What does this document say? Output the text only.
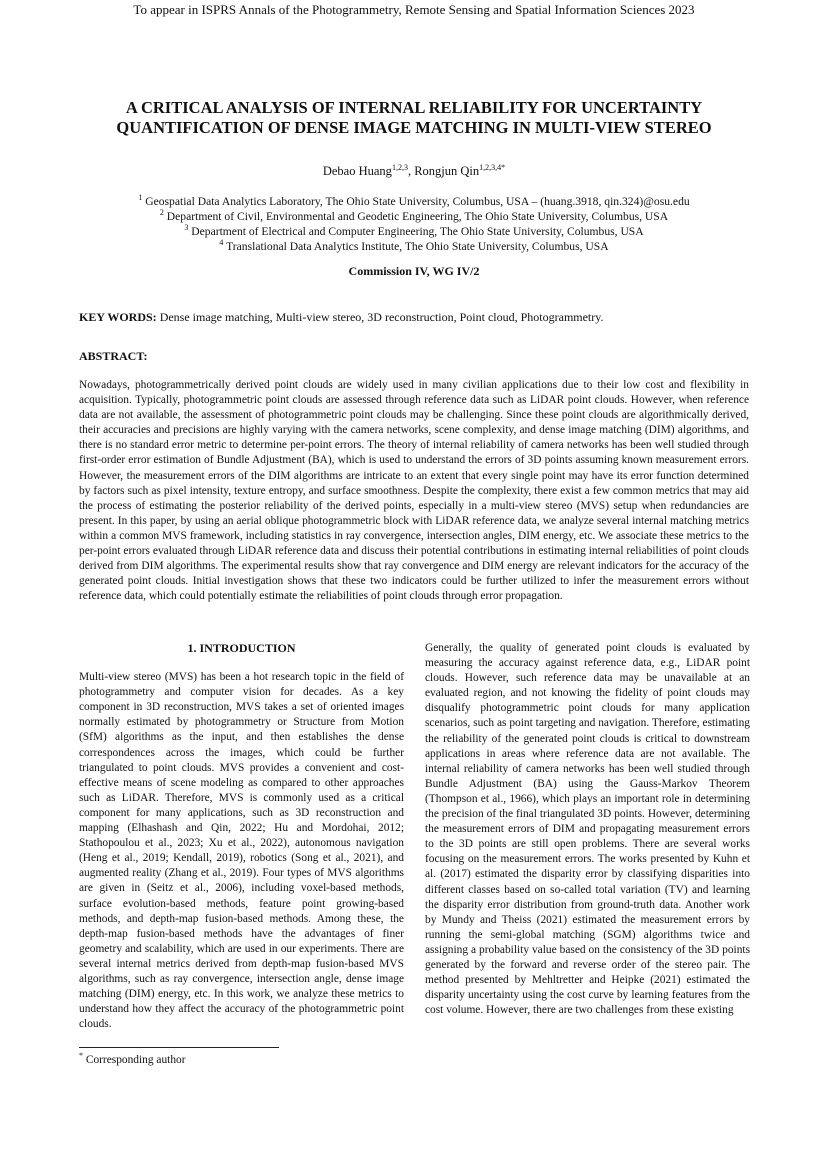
To appear in ISPRS Annals of the Photogrammetry, Remote Sensing and Spatial Information Sciences 2023
A CRITICAL ANALYSIS OF INTERNAL RELIABILITY FOR UNCERTAINTY
QUANTIFICATION OF DENSE IMAGE MATCHING IN MULTI-VIEW STEREO
Debao Huang$^{1,2,3}$, Rongjun Qin$^{1,2,3,4*}$
$^1$ Geospatial Data Analytics Laboratory, The Ohio State University, Columbus, USA – (huang.3918, qin.324)@osu.edu
$^2$ Department of Civil, Environmental and Geodetic Engineering, The Ohio State University, Columbus, USA
$^3$ Department of Electrical and Computer Engineering, The Ohio State University, Columbus, USA
$^4$ Translational Data Analytics Institute, The Ohio State University, Columbus, USA
Commission IV, WG IV/2
KEY WORDS: Dense image matching, Multi-view stereo, 3D reconstruction, Point cloud, Photogrammetry.
ABSTRACT:
Nowadays, photogrammetrically derived point clouds are widely used in many civilian applications due to their low cost and flexibility in acquisition. Typically, photogrammetric point clouds are assessed through reference data such as LiDAR point clouds. However, when reference data are not available, the assessment of photogrammetric point clouds may be challenging. Since these point clouds are algorithmically derived, their accuracies and precisions are highly varying with the camera networks, scene complexity, and dense image matching (DIM) algorithms, and there is no standard error metric to determine per-point errors. The theory of internal reliability of camera networks has been well studied through first-order error estimation of Bundle Adjustment (BA), which is used to understand the errors of 3D points assuming known measurement errors. However, the measurement errors of the DIM algorithms are intricate to an extent that every single point may have its error function determined by factors such as pixel intensity, texture entropy, and surface smoothness. Despite the complexity, there exist a few common metrics that may aid the process of estimating the posterior reliability of the derived points, especially in a multi-view stereo (MVS) setup when redundancies are present. In this paper, by using an aerial oblique photogrammetric block with LiDAR reference data, we analyze several internal matching metrics within a common MVS framework, including statistics in ray convergence, intersection angles, DIM energy, etc. We associate these metrics to the per-point errors evaluated through LiDAR reference data and discuss their potential contributions in estimating internal reliabilities of point clouds derived from DIM algorithms. The experimental results show that ray convergence and DIM energy are relevant indicators for the accuracy of the generated point clouds. Initial investigation shows that these two indicators could be further utilized to infer the measurement errors without reference data, which could potentially estimate the reliabilities of point clouds through error propagation.
1. INTRODUCTION

Multi-view stereo (MVS) has been a hot research topic in the field of photogrammetry and computer vision for decades. As a key component in 3D reconstruction, MVS takes a set of oriented images normally estimated by photogrammetry or Structure from Motion (SfM) algorithms as the input, and then establishes the dense correspondences across the images, which could be further triangulated to point clouds. MVS provides a convenient and cost-effective means of scene modeling as compared to other approaches such as LiDAR. Therefore, MVS is commonly used as a critical component for many applications, such as 3D reconstruction and mapping (Elhashash and Qin, 2022; Hu and Mordohai, 2012; Stathopoulou et al., 2023; Xu et al., 2022), autonomous navigation (Heng et al., 2019; Kendall, 2019), robotics (Song et al., 2021), and augmented reality (Zhang et al., 2019). Four types of MVS algorithms are given in (Seitz et al., 2006), including voxel-based methods, surface evolution-based methods, feature point growing-based methods, and depth-map fusion-based methods. Among these, the depth-map fusion-based methods have the advantages of finer geometry and scalability, which are used in our experiments. There are several internal metrics derived from depth-map fusion-based MVS algorithms, such as ray convergence, intersection angle, dense image matching (DIM) energy, etc. In this work, we analyze these metrics to understand how they affect the accuracy of the photogrammetric point clouds.

Generally, the quality of generated point clouds is evaluated by measuring the accuracy against reference data, e.g., LiDAR point clouds. However, such reference data may be unavailable at an evaluated region, and not knowing the fidelity of point clouds may disqualify photogrammetric point clouds for many application scenarios, such as point targeting and navigation. Therefore, estimating the reliability of the generated point clouds is critical to downstream applications in areas where reference data are not available. The internal reliability of camera networks has been well studied through Bundle Adjustment (BA) using the Gauss-Markov Theorem (Thompson et al., 1966), which plays an important role in determining the precision of the final triangulated 3D points. However, determining the measurement errors of DIM and propagating measurement errors to the 3D points are still open problems. There are several works focusing on the measurement errors. The works presented by Kuhn et al. (2017) estimated the disparity error by classifying disparities into different classes based on so-called total variation (TV) and learning the disparity error distribution from ground-truth data. Another work by Mundy and Theiss (2021) estimated the measurement errors by running the semi-global matching (SGM) algorithms twice and assigning a probability value based on the consistency of the 3D points generated by the forward and reverse order of the stereo pair. The method presented by Mehltretter and Heipke (2021) estimated the disparity uncertainty using the cost curve by learning features from the cost volume. However, there are two challenges from these existing

* Corresponding author
